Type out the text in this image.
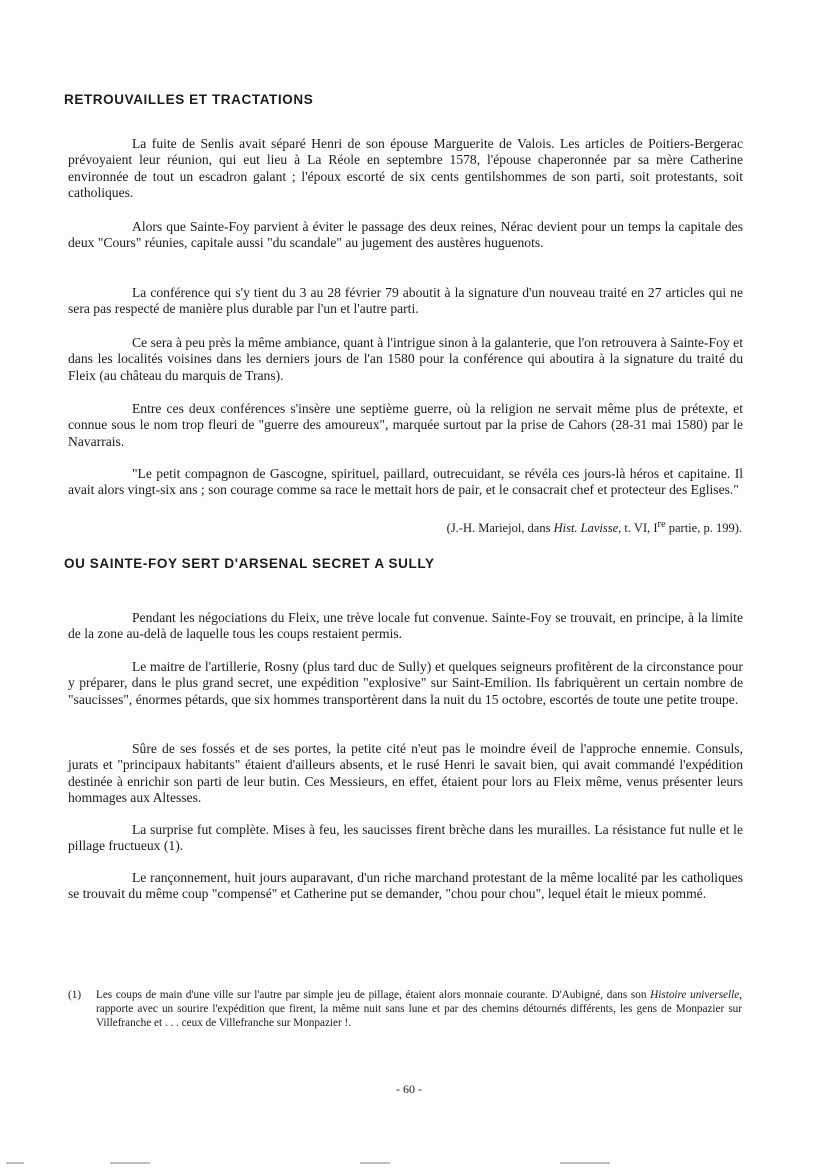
RETROUVAILLES ET TRACTATIONS

La fuite de Senlis avait séparé Henri de son épouse Marguerite de Valois. Les articles de Poitiers-Bergerac prévoyaient leur réunion, qui eut lieu à La Réole en septembre 1578, l'épouse chaperonnée par sa mère Catherine environnée de tout un escadron galant ; l'époux escorté de six cents gentilshommes de son parti, soit protestants, soit catholiques.

Alors que Sainte-Foy parvient à éviter le passage des deux reines, Nérac devient pour un temps la capitale des deux "Cours" réunies, capitale aussi "du scandale" au jugement des austères huguenots.

La conférence qui s'y tient du 3 au 28 février 79 aboutit à la signature d'un nouveau traité en 27 articles qui ne sera pas respecté de manière plus durable par l'un et l'autre parti.

Ce sera à peu près la même ambiance, quant à l'intrigue sinon à la galanterie, que l'on retrouvera à Sainte-Foy et dans les localités voisines dans les derniers jours de l'an 1580 pour la conférence qui aboutira à la signature du traité du Fleix (au château du marquis de Trans).

Entre ces deux conférences s'insère une septième guerre, où la religion ne servait même plus de prétexte, et connue sous le nom trop fleuri de "guerre des amoureux", marquée surtout par la prise de Cahors (28-31 mai 1580) par le Navarrais.

"Le petit compagnon de Gascogne, spirituel, paillard, outrecuidant, se révéla ces jours-là héros et capitaine. Il avait alors vingt-six ans ; son courage comme sa race le mettait hors de pair, et le consacrait chef et protecteur des Eglises."

(J.-H. Mariejol, dans Hist. Lavisse, t. VI, Ire partie, p. 199).

OU SAINTE-FOY SERT D'ARSENAL SECRET A SULLY

Pendant les négociations du Fleix, une trève locale fut convenue. Sainte-Foy se trouvait, en principe, à la limite de la zone au-delà de laquelle tous les coups restaient permis.

Le maitre de l'artillerie, Rosny (plus tard duc de Sully) et quelques seigneurs profitèrent de la circonstance pour y préparer, dans le plus grand secret, une expédition "explosive" sur Saint-Emilion. Ils fabriquèrent un certain nombre de "saucisses", énormes pétards, que six hommes transportèrent dans la nuit du 15 octobre, escortés de toute une petite troupe.

Sûre de ses fossés et de ses portes, la petite cité n'eut pas le moindre éveil de l'approche ennemie. Consuls, jurats et "principaux habitants" étaient d'ailleurs absents, et le rusé Henri le savait bien, qui avait commandé l'expédition destinée à enrichir son parti de leur butin. Ces Messieurs, en effet, étaient pour lors au Fleix même, venus présenter leurs hommages aux Altesses.

La surprise fut complète. Mises à feu, les saucisses firent brèche dans les murailles. La résistance fut nulle et le pillage fructueux (1).

Le rançonnement, huit jours auparavant, d'un riche marchand protestant de la même localité par les catholiques se trouvait du même coup "compensé" et Catherine put se demander, "chou pour chou", lequel était le mieux pommé.

(1) Les coups de main d'une ville sur l'autre par simple jeu de pillage, étaient alors monnaie courante. D'Aubigné, dans son Histoire universelle, rapporte avec un sourire l'expédition que firent, la même nuit sans lune et par des chemins détournés différents, les gens de Monpazier sur Villefranche et . . . ceux de Villefranche sur Monpazier !.

- 60 -
